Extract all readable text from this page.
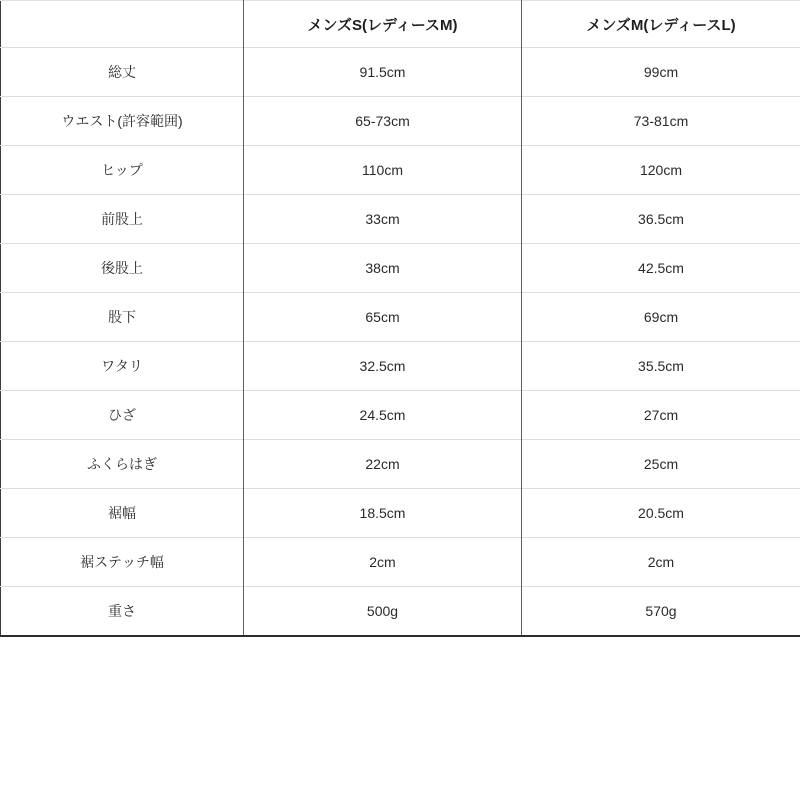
	メンズS(レディースM)	メンズM(レディースL)
総丈	91.5cm	99cm
ウエスト(許容範囲)	65-73cm	73-81cm
ヒップ	110cm	120cm
前股上	33cm	36.5cm
後股上	38cm	42.5cm
股下	65cm	69cm
ワタリ	32.5cm	35.5cm
ひざ	24.5cm	27cm
ふくらはぎ	22cm	25cm
裾幅	18.5cm	20.5cm
裾ステッチ幅	2cm	2cm
重さ	500g	570g
